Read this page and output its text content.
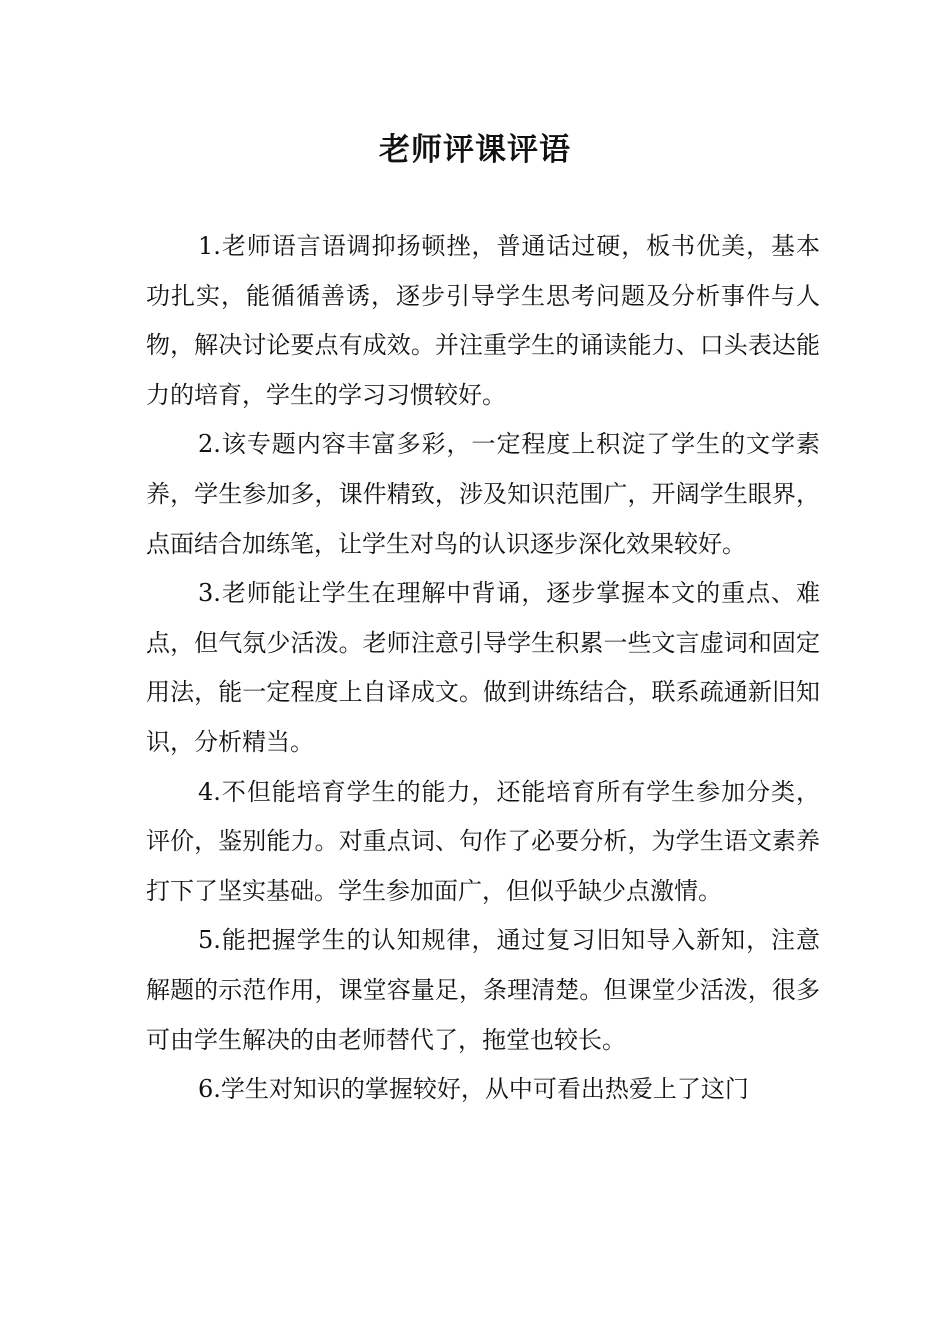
老师评课评语

1.老师语言语调抑扬顿挫，普通话过硬，板书优美，基本功扎实，能循循善诱，逐步引导学生思考问题及分析事件与人物，解决讨论要点有成效。并注重学生的诵读能力、口头表达能力的培育，学生的学习习惯较好。

2.该专题内容丰富多彩，一定程度上积淀了学生的文学素养，学生参加多，课件精致，涉及知识范围广，开阔学生眼界，点面结合加练笔，让学生对鸟的认识逐步深化效果较好。

3.老师能让学生在理解中背诵，逐步掌握本文的重点、难点，但气氛少活泼。老师注意引导学生积累一些文言虚词和固定用法，能一定程度上自译成文。做到讲练结合，联系疏通新旧知识，分析精当。

4.不但能培育学生的能力，还能培育所有学生参加分类，评价，鉴别能力。对重点词、句作了必要分析，为学生语文素养打下了坚实基础。学生参加面广，但似乎缺少点激情。

5.能把握学生的认知规律，通过复习旧知导入新知，注意解题的示范作用，课堂容量足，条理清楚。但课堂少活泼，很多可由学生解决的由老师替代了，拖堂也较长。

6.学生对知识的掌握较好，从中可看出热爱上了这门
